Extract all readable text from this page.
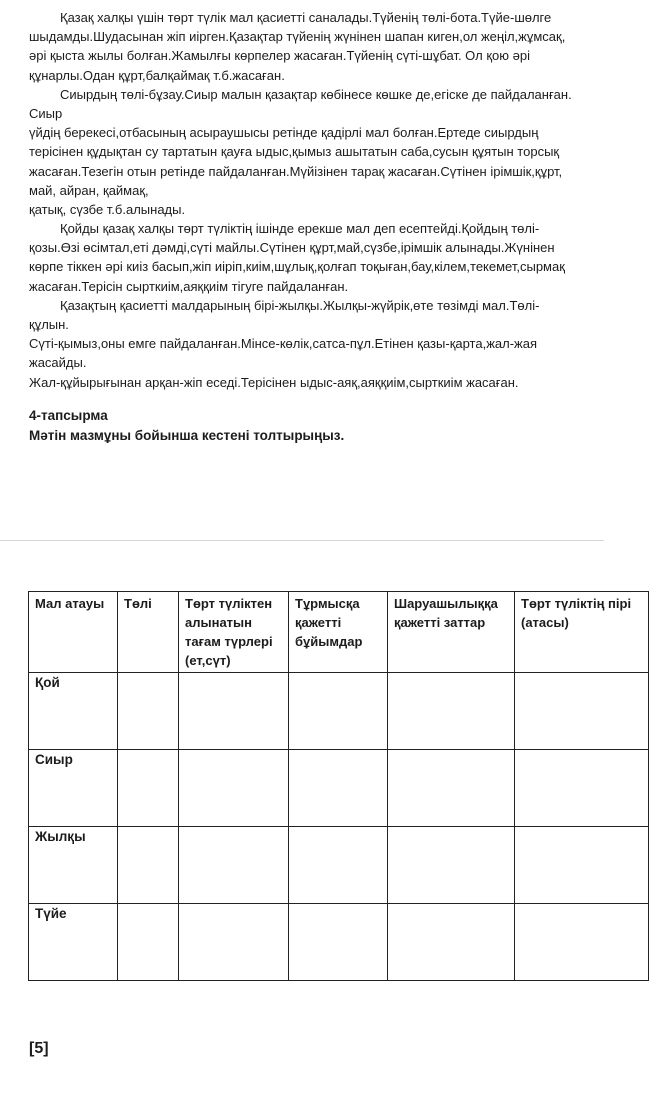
Қазақ халқы үшін төрт түлік мал қасиетті саналады.Түйенің төлі-бота.Түйе-шөлге
шыдамды.Шудасынан жіп иірген.Қазақтар түйенің жүнінен шапан киген,ол жеңіл,жұмсақ,
әрі қыста жылы болған.Жамылғы көрпелер жасаған.Түйенің сүті-шұбат. Ол қою әрі
құнарлы.Одан құрт,балқаймақ т.б.жасаған.
Сиырдың төлі-бұзау.Сиыр малын қазақтар көбінесе көшке де,егіске де пайдаланған.
Сиыр
үйдің берекесі,отбасының асыраушысы ретінде қадірлі мал болған.Ертеде сиырдың
терісінен құдықтан су тартатын қауға ыдыс,қымыз ашытатын саба,сусын құятын торсық
жасаған.Тезегін отын ретінде пайдаланған.Мүйізінен тарақ жасаған.Сүтінен ірімшік,құрт,
май, айран, қаймақ,
қатық, сүзбе т.б.алынады.
Қойды қазақ халқы төрт түліктің ішінде ерекше мал деп есептейді.Қойдың төлі-
қозы.Өзі өсімтал,еті дәмді,сүті майлы.Сүтінен құрт,май,сүзбе,ірімшік алынады.Жүнінен
көрпе тіккен әрі киіз басып,жіп иіріп,киім,шұлық,қолғап тоқыған,бау,кілем,текемет,сырмақ
жасаған.Терісін сырткиім,аяққиім тігуге пайдаланған.
Қазақтың қасиетті малдарының бірі-жылқы.Жылқы-жүйрік,өте төзімді мал.Төлі-
құлын.
Сүті-қымыз,оны емге пайдаланған.Мінсе-көлік,сатса-пұл.Етінен қазы-қарта,жал-жая
жасайды.
Жал-құйырығынан арқан-жіп еседі.Терісінен ыдыс-аяқ,аяққиім,сырткиім жасаған.
4-тапсырма
Мәтін мазмұны бойынша кестені толтырыңыз.
Мал атауы	Төлі	Төрт түліктен алынатын тағам түрлері (ет,сүт)	Тұрмысқа қажетті бұйымдар	Шаруашылыққа қажетті заттар	Төрт түліктің пірі (атасы)
Қой					
Сиыр					
Жылқы					
Түйе					
[5]
